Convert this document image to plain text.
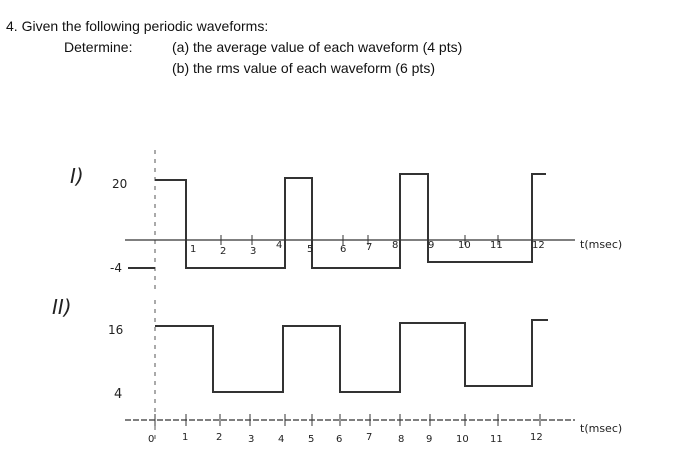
4. Given the following periodic waveforms:
Determine:	(a) the average value of each waveform (4 pts)
(b) the rms value of each waveform (6 pts)
I) 20
-4
1 2 3
4 5	6 7 8	9 10 11	12	t(msec)
II)
16
4
0	1	2	3 4 5 6 7	8 9 10 11	12
t(msec)
